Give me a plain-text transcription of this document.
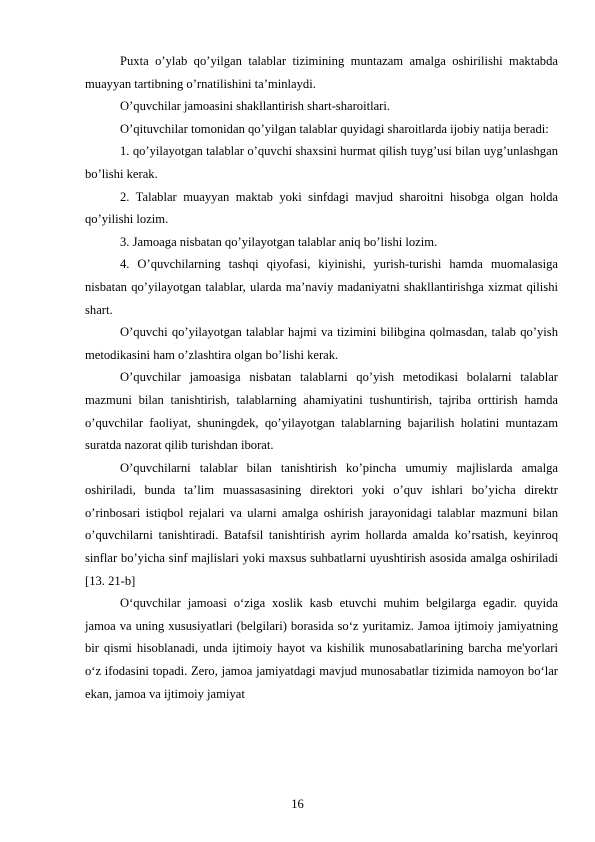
Puxta o’ylab qo’yilgan talablar tizimining muntazam amalga oshirilishi maktabda muayyan tartibning o’rnatilishini ta’minlaydi.

O’quvchilar jamoasini shakllantirish shart-sharoitlari.

O’qituvchilar tomonidan qo’yilgan talablar quyidagi sharoitlarda ijobiy natija beradi:

1. qo’yilayotgan talablar o’quvchi shaxsini hurmat qilish tuyg’usi bilan uyg’unlashgan bo’lishi kerak.

2. Talablar muayyan maktab yoki sinfdagi mavjud sharoitni hisobga olgan holda qo’yilishi lozim.

3. Jamoaga nisbatan qo’yilayotgan talablar aniq bo’lishi lozim.

4. O’quvchilarning tashqi qiyofasi, kiyinishi, yurish-turishi hamda muomalasiga nisbatan qo’yilayotgan talablar, ularda ma’naviy madaniyatni shakllantirishga xizmat qilishi shart.

O’quvchi qo’yilayotgan talablar hajmi va tizimini bilibgina qolmasdan, talab qo’yish metodikasini ham o’zlashtira olgan bo’lishi kerak.

O’quvchilar jamoasiga nisbatan talablarni qo’yish metodikasi bolalarni talablar mazmuni bilan tanishtirish, talablarning ahamiyatini tushuntirish, tajriba orttirish hamda o’quvchilar faoliyat, shuningdek, qo’yilayotgan talablarning bajarilish holatini muntazam suratda nazorat qilib turishdan iborat.

O’quvchilarni talablar bilan tanishtirish ko’pincha umumiy majlislarda amalga oshiriladi, bunda ta’lim muassasasining direktori yoki o’quv ishlari bo’yicha direktr o’rinbosari istiqbol rejalari va ularni amalga oshirish jarayonidagi talablar mazmuni bilan o’quvchilarni tanishtiradi. Batafsil tanishtirish ayrim hollarda amalda ko’rsatish, keyinroq sinflar bo’yicha sinf majlislari yoki maxsus suhbatlarni uyushtirish asosida amalga oshiriladi [13. 21-b]

O‘quvchilar jamoasi o‘ziga xoslik kasb etuvchi muhim belgilarga egadir. quyida jamoa va uning xususiyatlari (belgilari) borasida so‘z yuritamiz. Jamoa ijtimoiy jamiyatning bir qismi hisoblanadi, unda ijtimoiy hayot va kishilik munosabatlarining barcha me'yorlari o‘z ifodasini topadi. Zero, jamoa jamiyatdagi mavjud munosabatlar tizimida namoyon bo‘lar ekan, jamoa va ijtimoiy jamiyat

16
